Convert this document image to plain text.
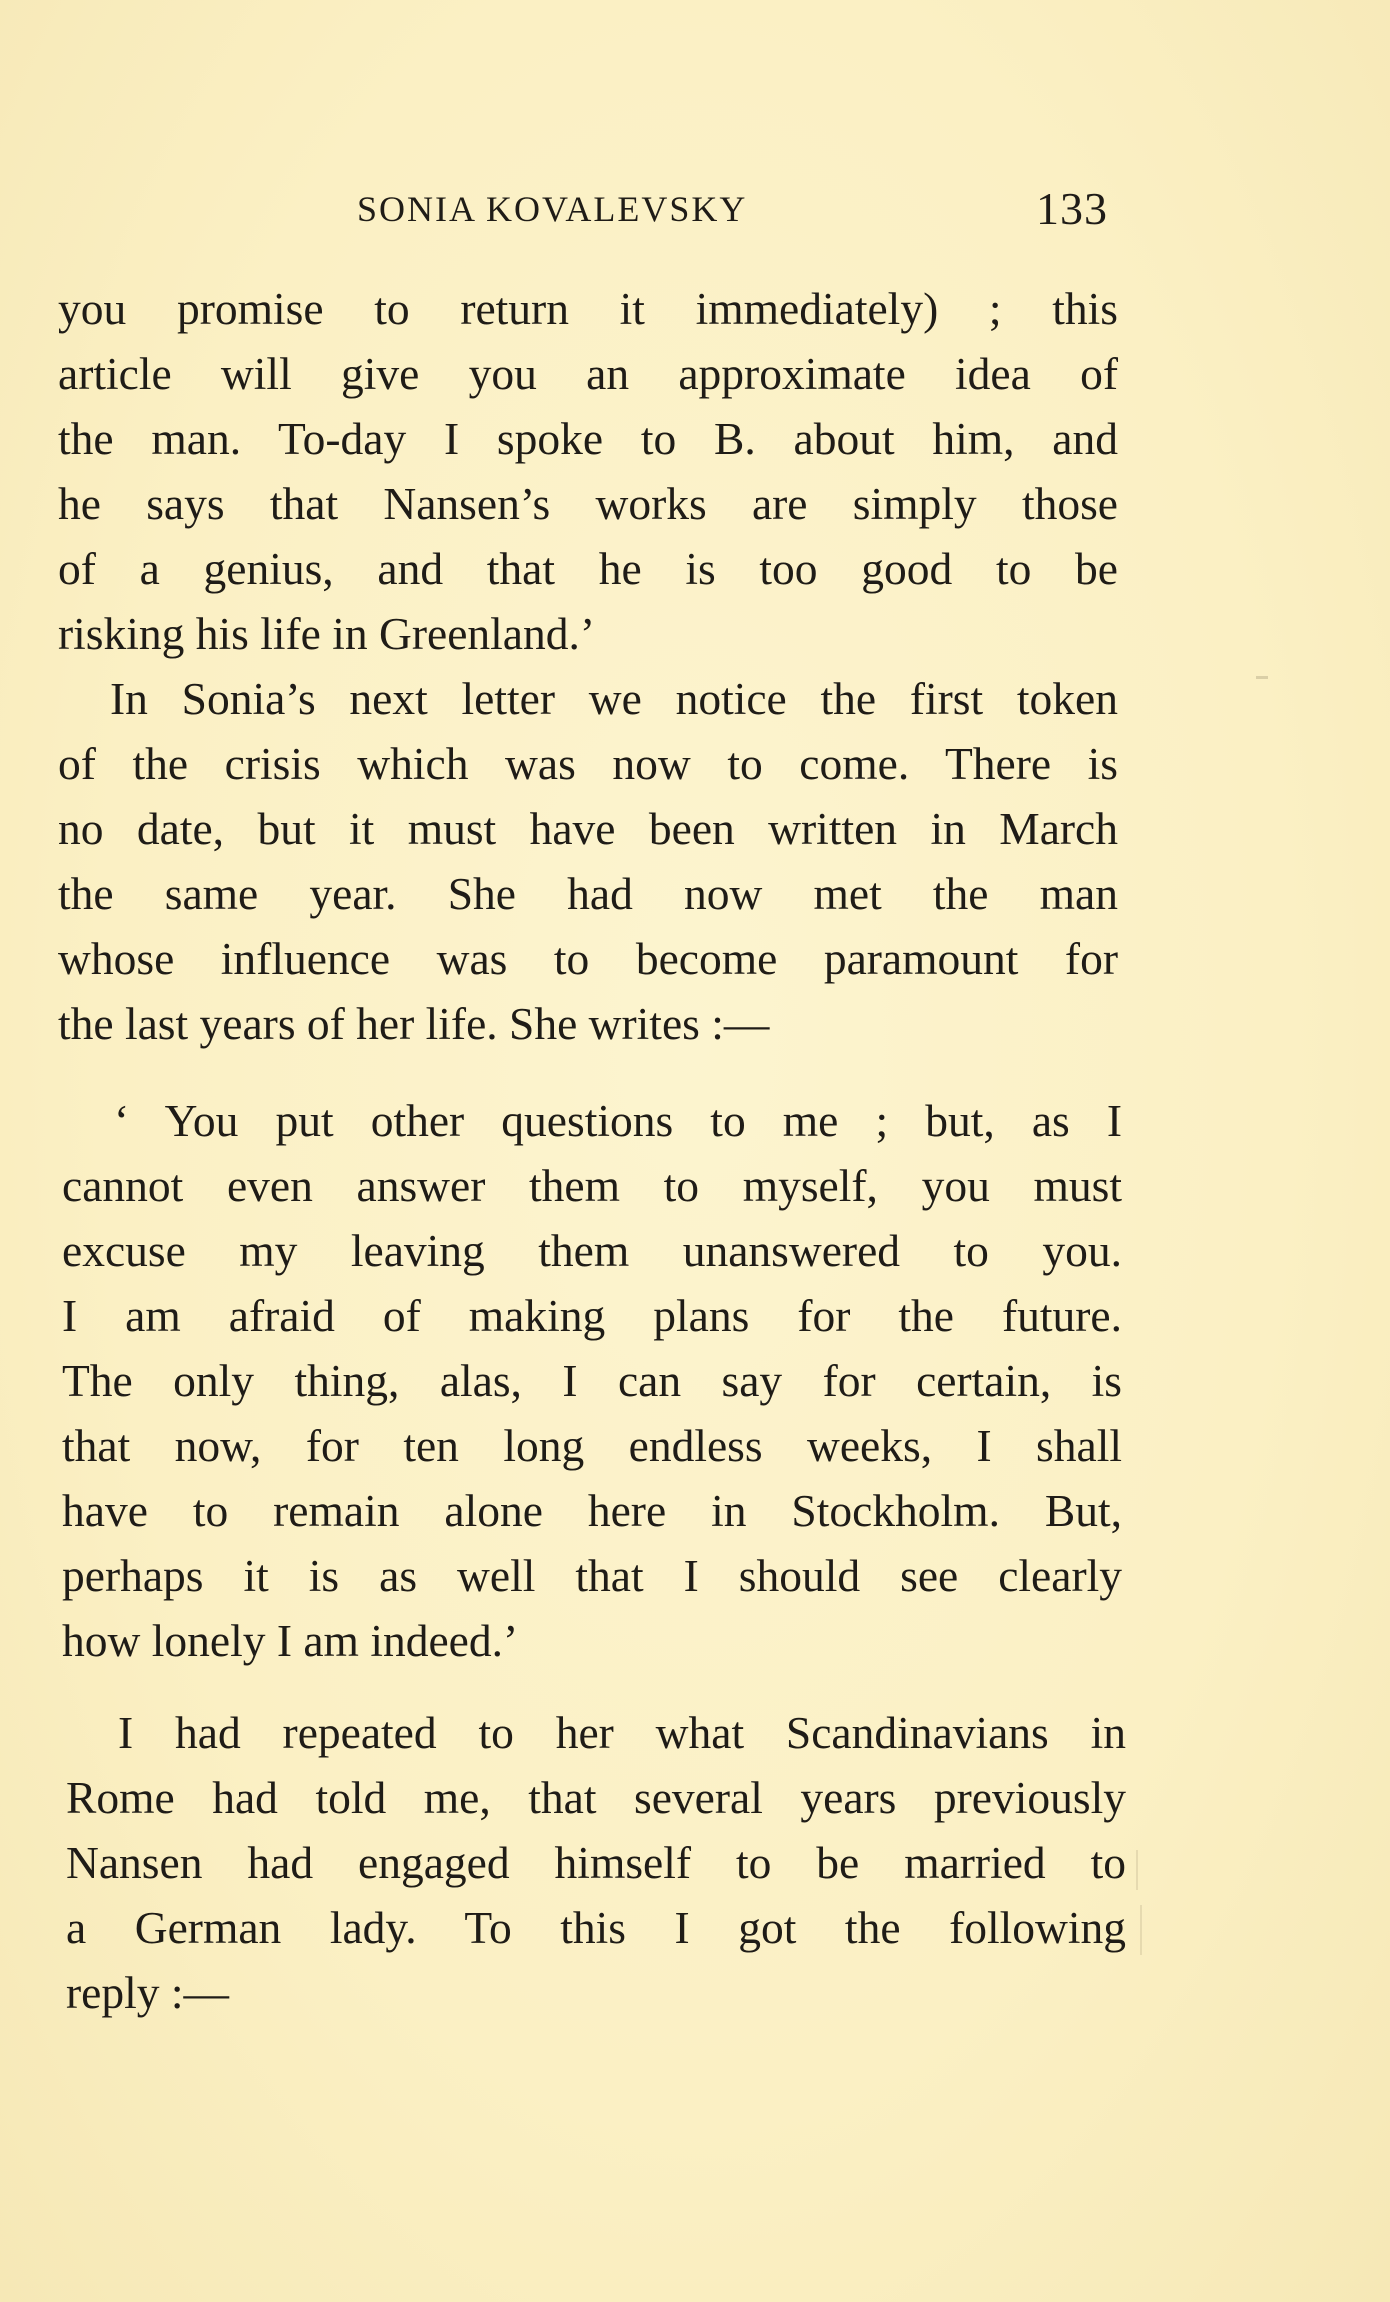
SONIA KOVALEVSKY	133
you promise to return it immediately) ; this
article will give you an approximate idea of
the man. To-day I spoke to B. about him, and
he says that Nansen’s works are simply those
of a genius, and that he is too good to be
risking his life in Greenland.’
In Sonia’s next letter we notice the first token
of the crisis which was now to come. There is
no date, but it must have been written in March
the same year. She had now met the man
whose influence was to become paramount for
the last years of her life. She writes :—
‘ You put other questions to me ; but, as I
cannot even answer them to myself, you must
excuse my leaving them unanswered to you.
I am afraid of making plans for the future.
The only thing, alas, I can say for certain, is
that now, for ten long endless weeks, I shall
have to remain alone here in Stockholm. But,
perhaps it is as well that I should see clearly
how lonely I am indeed.’
I had repeated to her what Scandinavians in
Rome had told me, that several years previously
Nansen had engaged himself to be married to
a German lady. To this I got the following
reply :—
